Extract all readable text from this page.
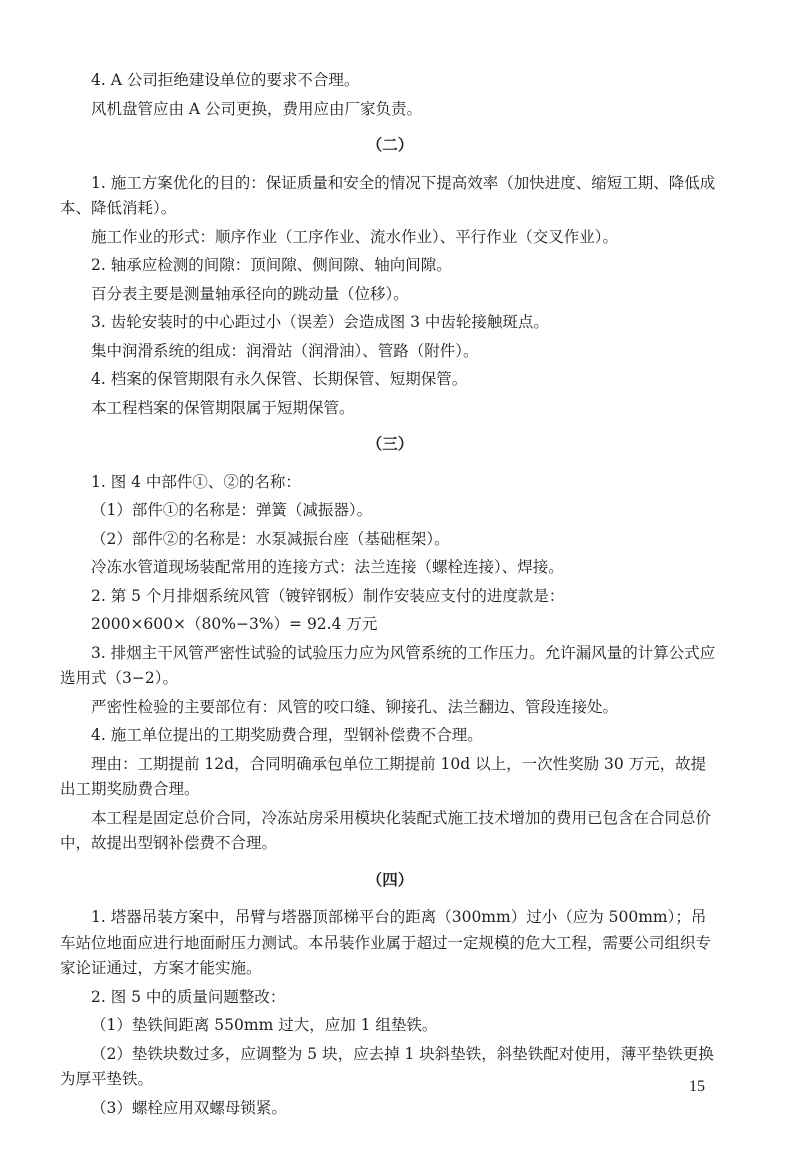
4. A 公司拒绝建设单位的要求不合理。
风机盘管应由 A 公司更换，费用应由厂家负责。
（二）
1. 施工方案优化的目的：保证质量和安全的情况下提高效率（加快进度、缩短工期、降低成本、降低消耗）。
施工作业的形式：顺序作业（工序作业、流水作业）、平行作业（交叉作业）。
2. 轴承应检测的间隙：顶间隙、侧间隙、轴向间隙。
百分表主要是测量轴承径向的跳动量（位移）。
3. 齿轮安装时的中心距过小（误差）会造成图 3 中齿轮接触斑点。
集中润滑系统的组成：润滑站（润滑油）、管路（附件）。
4. 档案的保管期限有永久保管、长期保管、短期保管。
本工程档案的保管期限属于短期保管。
（三）
1. 图 4 中部件①、②的名称：
（1）部件①的名称是：弹簧（减振器）。
（2）部件②的名称是：水泵减振台座（基础框架）。
冷冻水管道现场装配常用的连接方式：法兰连接（螺栓连接）、焊接。
2. 第 5 个月排烟系统风管（镀锌钢板）制作安装应支付的进度款是：
2000×600×（80%−3%）= 92.4 万元
3. 排烟主干风管严密性试验的试验压力应为风管系统的工作压力。允许漏风量的计算公式应选用式（3−2）。
严密性检验的主要部位有：风管的咬口缝、铆接孔、法兰翻边、管段连接处。
4. 施工单位提出的工期奖励费合理，型钢补偿费不合理。
理由：工期提前 12d，合同明确承包单位工期提前 10d 以上，一次性奖励 30 万元，故提出工期奖励费合理。
本工程是固定总价合同，冷冻站房采用模块化装配式施工技术增加的费用已包含在合同总价中，故提出型钢补偿费不合理。
（四）
1. 塔器吊装方案中，吊臂与塔器顶部梯平台的距离（300mm）过小（应为 500mm）；吊车站位地面应进行地面耐压力测试。本吊装作业属于超过一定规模的危大工程，需要公司组织专家论证通过，方案才能实施。
2. 图 5 中的质量问题整改：
（1）垫铁间距离 550mm 过大，应加 1 组垫铁。
（2）垫铁块数过多，应调整为 5 块，应去掉 1 块斜垫铁，斜垫铁配对使用，薄平垫铁更换为厚平垫铁。
（3）螺栓应用双螺母锁紧。
15
